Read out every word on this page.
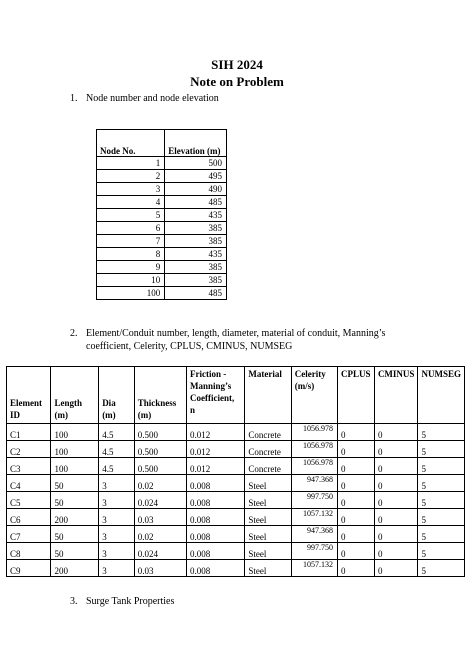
SIH 2024
Note on Problem
1. Node number and node elevation
Node No.	Elevation (m)
1	500
2	495
3	490
4	485
5	435
6	385
7	385
8	435
9	385
10	385
100	485
2. Element/Conduit number, length, diameter, material of conduit, Manning’s
coefficient, Celerity, CPLUS, CMINUS, NUMSEG
Element ID	Length (m)	Dia (m)	Thickness (m)	Friction - Manning’s Coefficient, n	Material	Celerity (m/s)	CPLUS	CMINUS	NUMSEG
C1	100	4.5	0.500	0.012	Concrete	1056.978	0	0	5
C2	100	4.5	0.500	0.012	Concrete	1056.978	0	0	5
C3	100	4.5	0.500	0.012	Concrete	1056.978	0	0	5
C4	50	3	0.02	0.008	Steel	947.368	0	0	5
C5	50	3	0.024	0.008	Steel	997.750	0	0	5
C6	200	3	0.03	0.008	Steel	1057.132	0	0	5
C7	50	3	0.02	0.008	Steel	947.368	0	0	5
C8	50	3	0.024	0.008	Steel	997.750	0	0	5
C9	200	3	0.03	0.008	Steel	1057.132	0	0	5
3. Surge Tank Properties
